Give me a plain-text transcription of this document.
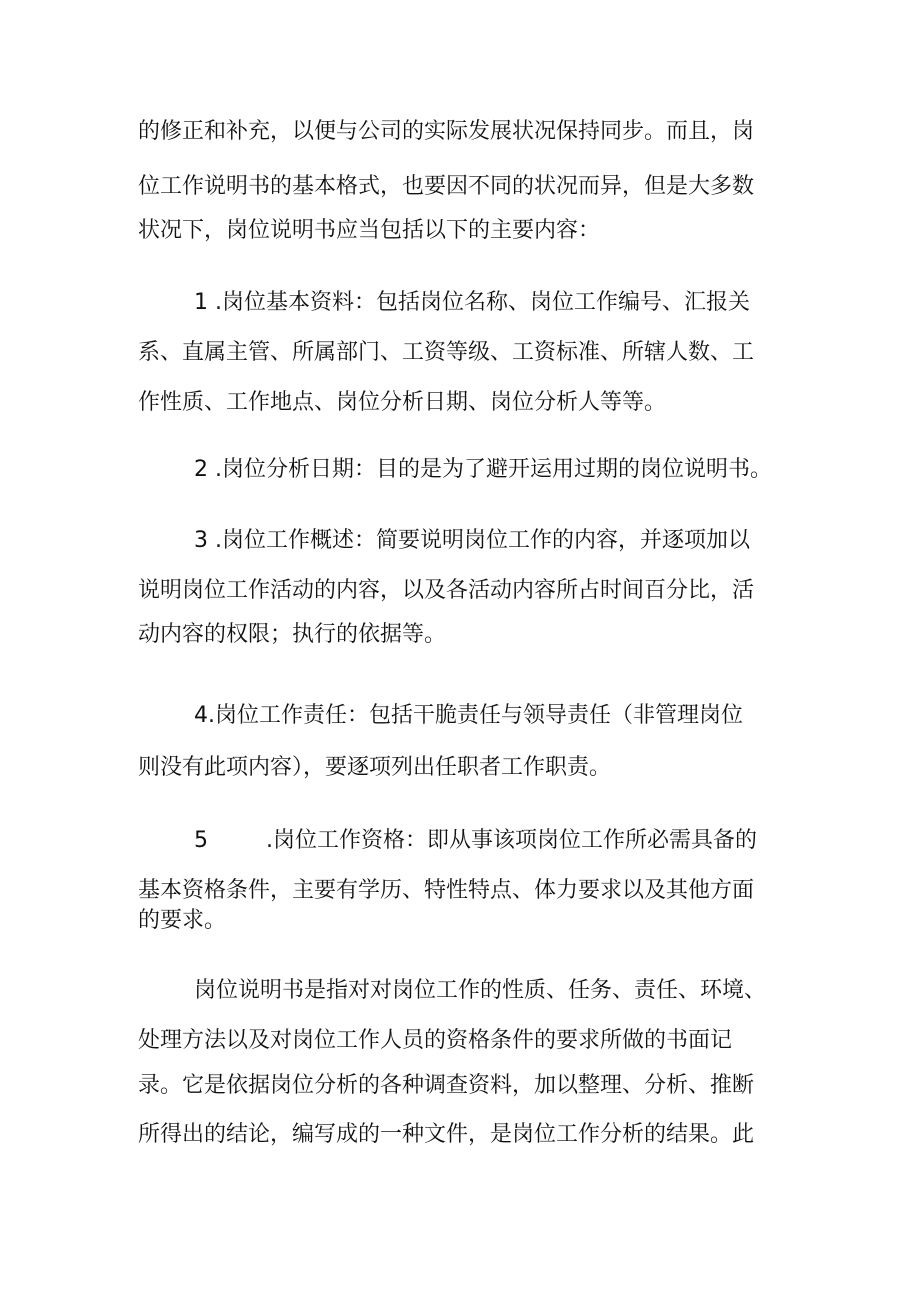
的修正和补充，以便与公司的实际发展状况保持同步。而且，岗
位工作说明书的基本格式，也要因不同的状况而异，但是大多数
状况下，岗位说明书应当包括以下的主要内容：
1 .岗位基本资料：包括岗位名称、岗位工作编号、汇报关
系、直属主管、所属部门、工资等级、工资标准、所辖人数、工
作性质、工作地点、岗位分析日期、岗位分析人等等。
2 .岗位分析日期：目的是为了避开运用过期的岗位说明书。
3 .岗位工作概述：简要说明岗位工作的内容，并逐项加以
说明岗位工作活动的内容，以及各活动内容所占时间百分比，活
动内容的权限；执行的依据等。
4.岗位工作责任：包括干脆责任与领导责任（非管理岗位
则没有此项内容），要逐项列出任职者工作职责。
5	.岗位工作资格：即从事该项岗位工作所必需具备的
基本资格条件，主要有学历、特性特点、体力要求以及其他方面
的要求。
岗位说明书是指对对岗位工作的性质、任务、责任、环境、
处理方法以及对岗位工作人员的资格条件的要求所做的书面记
录。它是依据岗位分析的各种调查资料，加以整理、分析、推断
所得出的结论，编写成的一种文件，是岗位工作分析的结果。此
